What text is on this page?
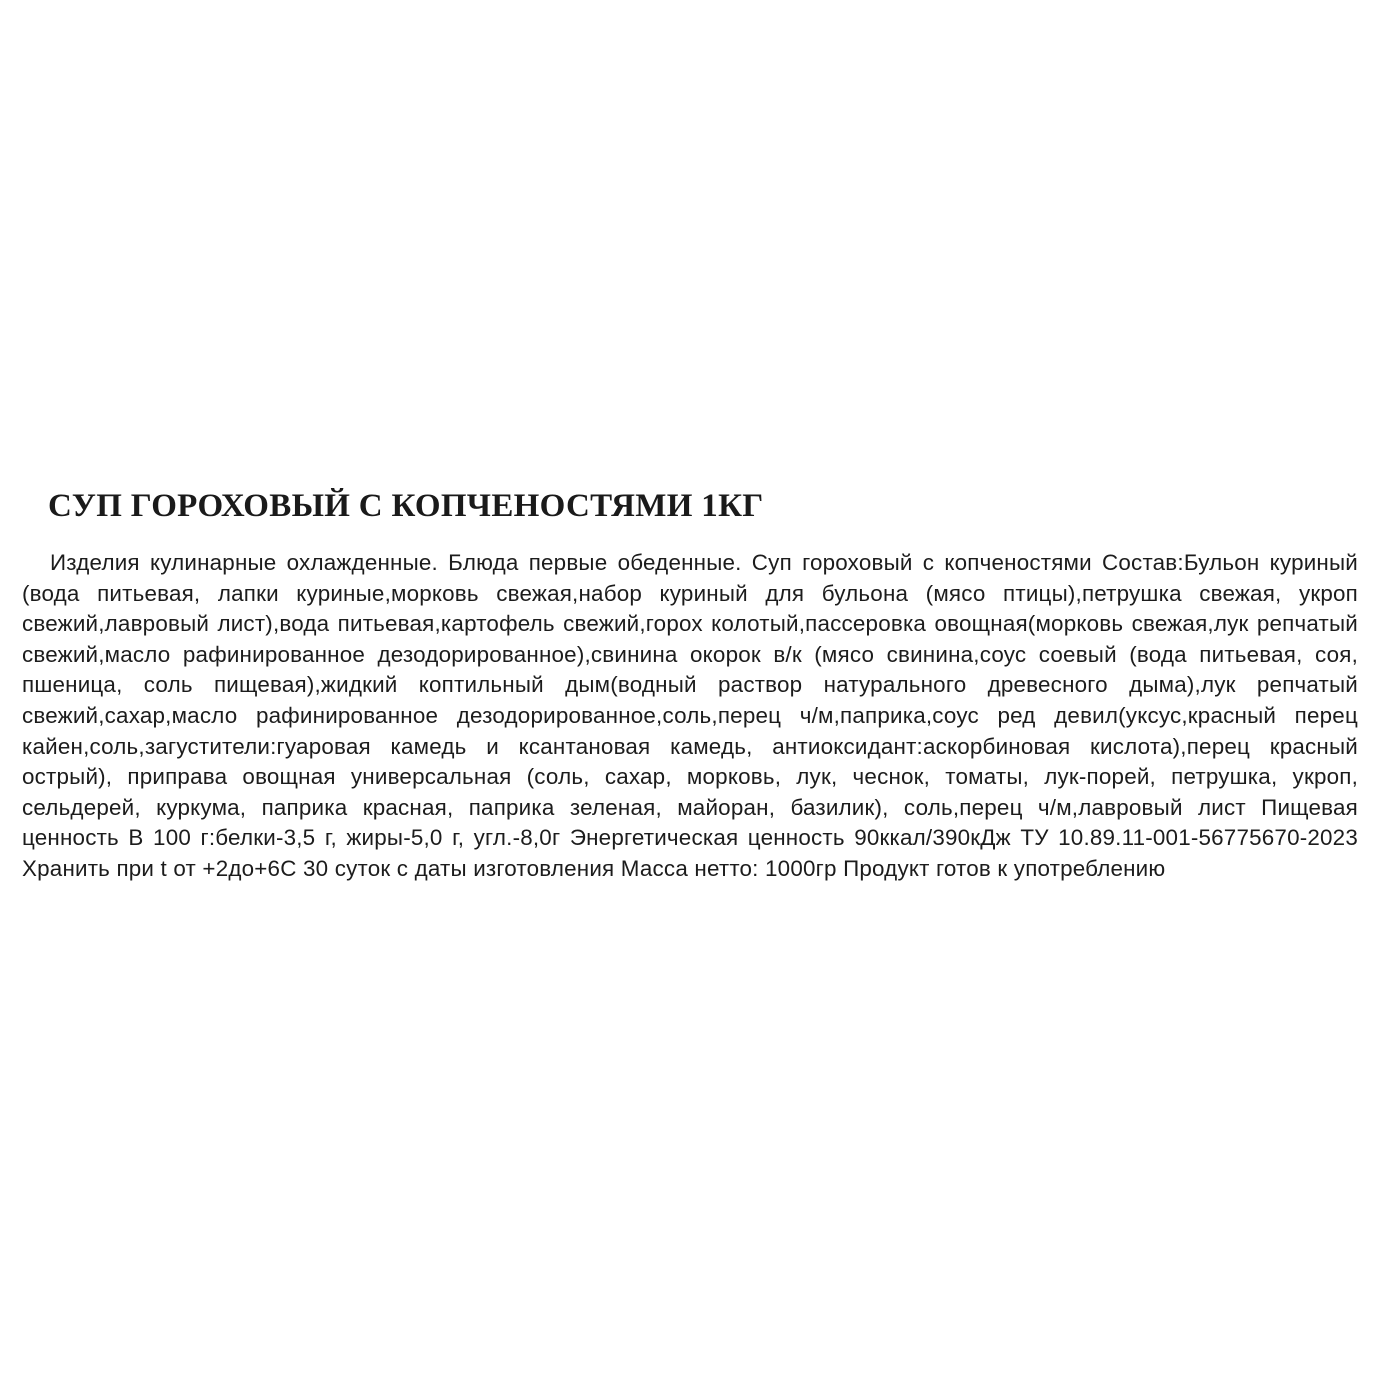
СУП ГОРОХОВЫЙ С КОПЧЕНОСТЯМИ 1КГ

Изделия кулинарные охлажденные. Блюда первые обеденные. Суп гороховый с копченостями Состав:Бульон куриный (вода питьевая, лапки куриные,морковь свежая,набор куриный для бульона (мясо птицы),петрушка свежая, укроп свежий,лавровый лист),вода питьевая,картофель свежий,горох колотый,пассеровка овощная(морковь свежая,лук репчатый свежий,масло рафинированное дезодорированное),свинина окорок в/к (мясо свинина,соус соевый (вода питьевая, соя, пшеница, соль пищевая),жидкий коптильный дым(водный раствор натурального древесного дыма),лук репчатый свежий,сахар,масло рафинированное дезодорированное,соль,перец ч/м,паприка,соус ред девил(уксус,красный перец кайен,соль,загустители:гуаровая камедь и ксантановая камедь, антиоксидант:аскорбиновая кислота),перец красный острый), приправа овощная универсальная (соль, сахар, морковь, лук, чеснок, томаты, лук-порей, петрушка, укроп, сельдерей, куркума, паприка красная, паприка зеленая, майоран, базилик), соль,перец ч/м,лавровый лист Пищевая ценность В 100 г:белки-3,5 г, жиры-5,0 г, угл.-8,0г Энергетическая ценность 90ккал/390кДж ТУ 10.89.11-001-56775670-2023 Хранить при t от +2до+6С 30 суток с даты изготовления Масса нетто: 1000гр Продукт готов к употреблению
